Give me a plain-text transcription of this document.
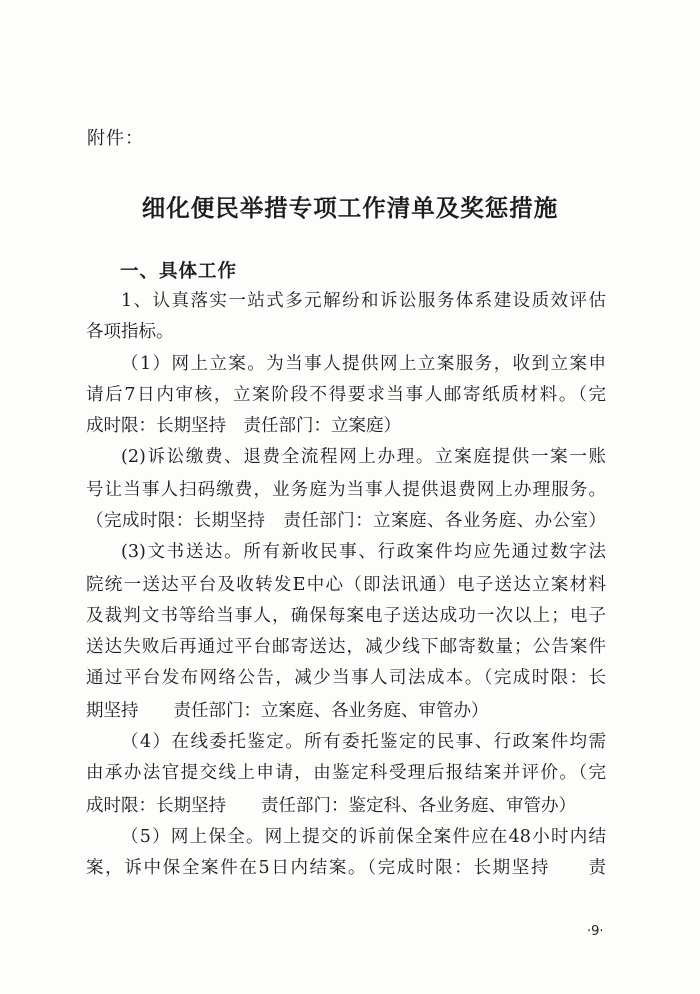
附件：
细化便民举措专项工作清单及奖惩措施
一、具体工作
1、认真落实一站式多元解纷和诉讼服务体系建设质效评估
各项指标。
（1）网上立案。为当事人提供网上立案服务，收到立案申
请后7日内审核，立案阶段不得要求当事人邮寄纸质材料。（完
成时限：长期坚持　责任部门：立案庭）
(2)诉讼缴费、退费全流程网上办理。立案庭提供一案一账
号让当事人扫码缴费，业务庭为当事人提供退费网上办理服务。
（完成时限：长期坚持　责任部门：立案庭、各业务庭、办公室）
(3)文书送达。所有新收民事、行政案件均应先通过数字法
院统一送达平台及收转发E中心（即法讯通）电子送达立案材料
及裁判文书等给当事人，确保每案电子送达成功一次以上；电子
送达失败后再通过平台邮寄送达，减少线下邮寄数量；公告案件
通过平台发布网络公告，减少当事人司法成本。（完成时限：长
期坚持　　责任部门：立案庭、各业务庭、审管办）
（4）在线委托鉴定。所有委托鉴定的民事、行政案件均需
由承办法官提交线上申请，由鉴定科受理后报结案并评价。（完
成时限：长期坚持　　责任部门：鉴定科、各业务庭、审管办）
（5）网上保全。网上提交的诉前保全案件应在48小时内结
案，诉中保全案件在5日内结案。（完成时限：长期坚持　　责
·9·
